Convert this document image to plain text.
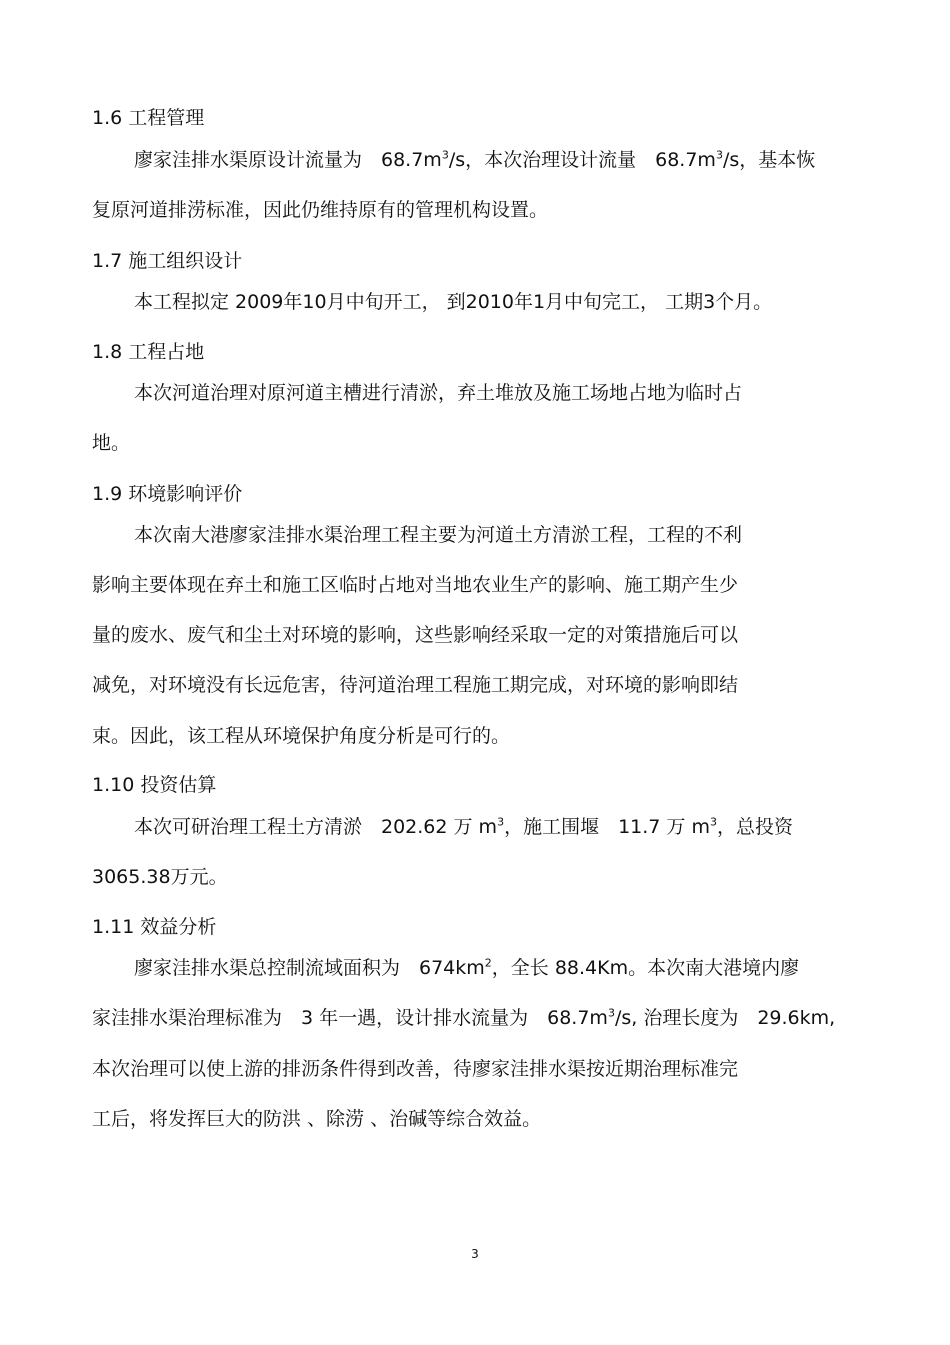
1.6 工程管理
廖家洼排水渠原设计流量为　$68.7m^3/s$，本次治理设计流量　$68.7m^3/s$，基本恢
复原河道排涝标准，因此仍维持原有的管理机构设置。
1.7 施工组织设计
本工程拟定 2009年10月中旬开工， 到2010年1月中旬完工， 工期3个月。
1.8 工程占地
本次河道治理对原河道主槽进行清淤，弃土堆放及施工场地占地为临时占
地。
1.9 环境影响评价
本次南大港廖家洼排水渠治理工程主要为河道土方清淤工程，工程的不利
影响主要体现在弃土和施工区临时占地对当地农业生产的影响、施工期产生少
量的废水、废气和尘土对环境的影响，这些影响经采取一定的对策措施后可以
减免，对环境没有长远危害，待河道治理工程施工期完成，对环境的影响即结
束。因此，该工程从环境保护角度分析是可行的。
1.10 投资估算
本次可研治理工程土方清淤　202.62 万 $m^3$，施工围堰　11.7 万 $m^3$，总投资
3065.38万元。
1.11 效益分析
廖家洼排水渠总控制流域面积为　$674km^2$，全长 88.4Km。本次南大港境内廖
家洼排水渠治理标准为　3 年一遇，设计排水流量为　$68.7m^3/s$, 治理长度为　29.6km,
本次治理可以使上游的排沥条件得到改善，待廖家洼排水渠按近期治理标准完
工后，将发挥巨大的防洪 、除涝 、治碱等综合效益。
3
